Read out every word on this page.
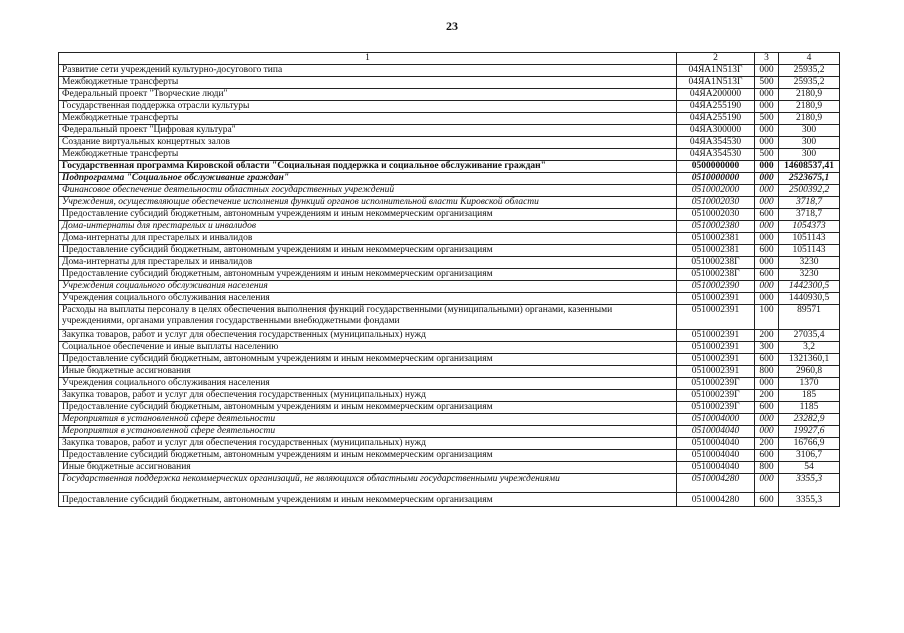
23
1	2	3	4
Развитие сети учреждений культурно-досугового типа	04ЯА1N513Г	000	25935,2
Межбюджетные трансферты	04ЯА1N513Г	500	25935,2
Федеральный проект "Творческие люди"	04ЯА200000	000	2180,9
Государственная поддержка отрасли культуры	04ЯА255190	000	2180,9
Межбюджетные трансферты	04ЯА255190	500	2180,9
Федеральный проект "Цифровая культура"	04ЯА300000	000	300
Создание виртуальных концертных залов	04ЯА354530	000	300
Межбюджетные трансферты	04ЯА354530	500	300
Государственная программа Кировской области "Социальная поддержка и социальное обслуживание граждан"	0500000000	000	14608537,41
Подпрограмма "Социальное обслуживание граждан"	0510000000	000	2523675,1
Финансовое обеспечение деятельности областных государственных учреждений	0510002000	000	2500392,2
Учреждения, осуществляющие обеспечение исполнения функций органов исполнительной власти Кировской области	0510002030	000	3718,7
Предоставление субсидий бюджетным, автономным учреждениям и иным некоммерческим организациям	0510002030	600	3718,7
Дома-интернаты для престарелых и инвалидов	0510002380	000	1054373
Дома-интернаты для престарелых и инвалидов	0510002381	000	1051143
Предоставление субсидий бюджетным, автономным учреждениям и иным некоммерческим организациям	0510002381	600	1051143
Дома-интернаты для престарелых и инвалидов	051000238Г	000	3230
Предоставление субсидий бюджетным, автономным учреждениям и иным некоммерческим организациям	051000238Г	600	3230
Учреждения социального обслуживания населения	0510002390	000	1442300,5
Учреждения социального обслуживания населения	0510002391	000	1440930,5
Расходы на выплаты персоналу в целях обеспечения выполнения функций государственными (муниципальными) органами, казенными учреждениями, органами управления государственными внебюджетными фондами	0510002391	100	89571
Закупка товаров, работ и услуг для обеспечения государственных (муниципальных) нужд	0510002391	200	27035,4
Социальное обеспечение и иные выплаты населению	0510002391	300	3,2
Предоставление субсидий бюджетным, автономным учреждениям и иным некоммерческим организациям	0510002391	600	1321360,1
Иные бюджетные ассигнования	0510002391	800	2960,8
Учреждения социального обслуживания населения	051000239Г	000	1370
Закупка товаров, работ и услуг для обеспечения государственных (муниципальных) нужд	051000239Г	200	185
Предоставление субсидий бюджетным, автономным учреждениям и иным некоммерческим организациям	051000239Г	600	1185
Мероприятия в установленной сфере деятельности	0510004000	000	23282,9
Мероприятия в установленной сфере деятельности	0510004040	000	19927,6
Закупка товаров, работ и услуг для обеспечения государственных (муниципальных) нужд	0510004040	200	16766,9
Предоставление субсидий бюджетным, автономным учреждениям и иным некоммерческим организациям	0510004040	600	3106,7
Иные бюджетные ассигнования	0510004040	800	54
Государственная поддержка некоммерческих организаций, не являющихся областными государственными учреждениями	0510004280	000	3355,3
Предоставление субсидий бюджетным, автономным учреждениям и иным некоммерческим организациям	0510004280	600	3355,3
